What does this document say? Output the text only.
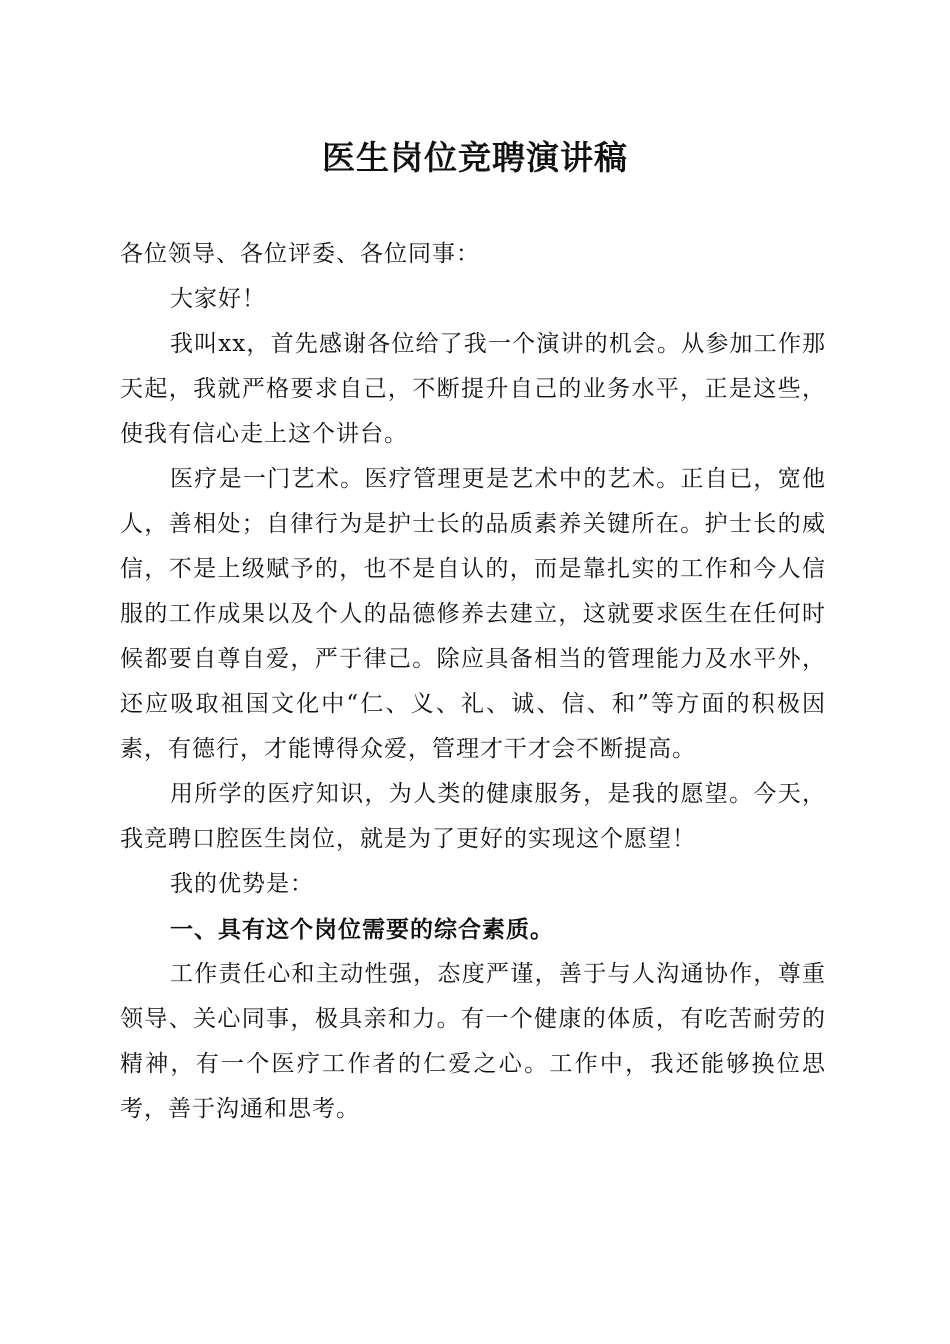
医生岗位竞聘演讲稿

各位领导、各位评委、各位同事：

大家好！

我叫xx，首先感谢各位给了我一个演讲的机会。从参加工作那天起，我就严格要求自己，不断提升自己的业务水平，正是这些，使我有信心走上这个讲台。

医疗是一门艺术。医疗管理更是艺术中的艺术。正自已，宽他人，善相处；自律行为是护士长的品质素养关键所在。护士长的威信，不是上级赋予的，也不是自认的，而是靠扎实的工作和今人信服的工作成果以及个人的品德修养去建立，这就要求医生在任何时候都要自尊自爱，严于律己。除应具备相当的管理能力及水平外，还应吸取祖国文化中“仁、义、礼、诚、信、和”等方面的积极因素，有德行，才能博得众爱，管理才干才会不断提高。

用所学的医疗知识，为人类的健康服务，是我的愿望。今天，我竞聘口腔医生岗位，就是为了更好的实现这个愿望！

我的优势是：

一、具有这个岗位需要的综合素质。

工作责任心和主动性强，态度严谨，善于与人沟通协作，尊重领导、关心同事，极具亲和力。有一个健康的体质，有吃苦耐劳的精神，有一个医疗工作者的仁爱之心。工作中，我还能够换位思考，善于沟通和思考。
